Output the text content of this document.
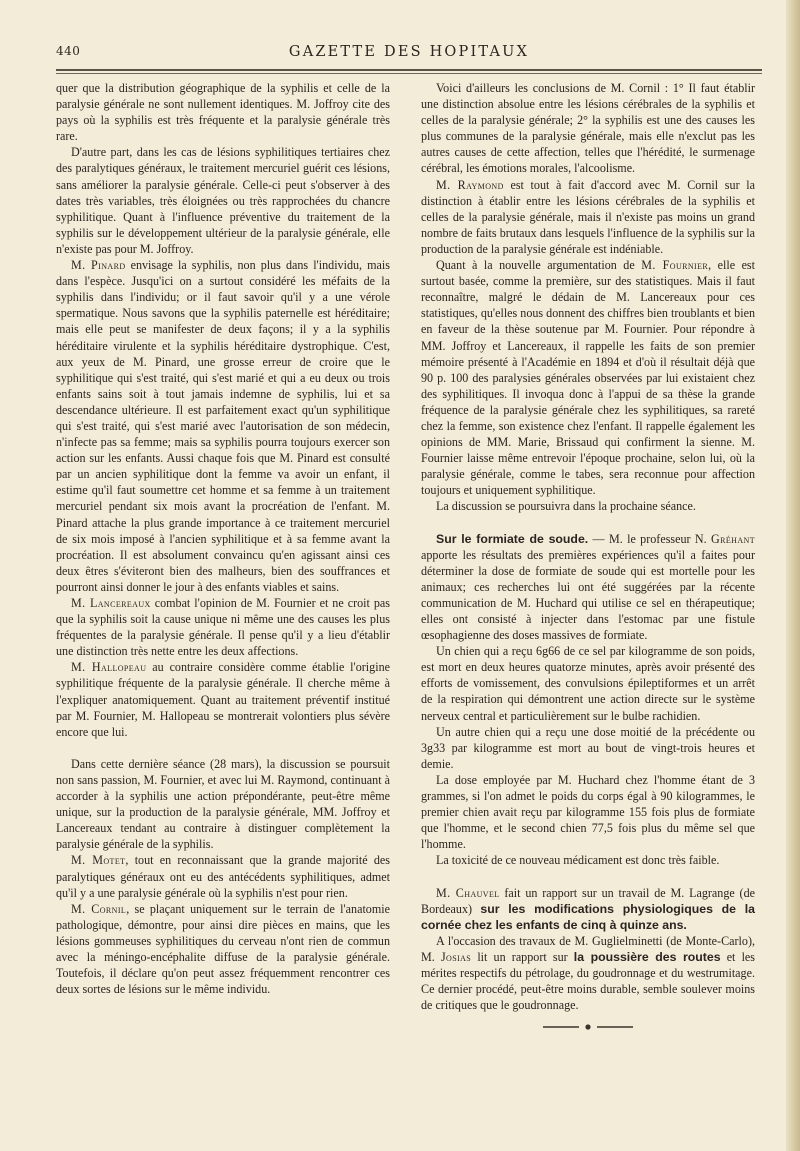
440	GAZETTE DES HOPITAUX

quer que la distribution géographique de la syphilis et celle de la paralysie générale ne sont nullement identiques. M. Joffroy cite des pays où la syphilis est très fréquente et la paralysie générale très rare.

D'autre part, dans les cas de lésions syphilitiques tertiaires chez des paralytiques généraux, le traitement mercuriel guérit ces lésions, sans améliorer la paralysie générale. Celle-ci peut s'observer à des dates très variables, très éloignées ou très rapprochées du chancre syphilitique. Quant à l'influence préventive du traitement de la syphilis sur le développement ultérieur de la paralysie générale, elle n'existe pas pour M. Joffroy.

M. Pinard envisage la syphilis, non plus dans l'individu, mais dans l'espèce. Jusqu'ici on a surtout considéré les méfaits de la syphilis dans l'individu; or il faut savoir qu'il y a une vérole spermatique. Nous savons que la syphilis paternelle est héréditaire; mais elle peut se manifester de deux façons; il y a la syphilis héréditaire virulente et la syphilis héréditaire dystrophique. C'est, aux yeux de M. Pinard, une grosse erreur de croire que le syphilitique qui s'est traité, qui s'est marié et qui a eu deux ou trois enfants sains soit à tout jamais indemne de syphilis, lui et sa descendance ultérieure. Il est parfaitement exact qu'un syphilitique qui s'est traité, qui s'est marié avec l'autorisation de son médecin, n'infecte pas sa femme; mais sa syphilis pourra toujours exercer son action sur les enfants. Aussi chaque fois que M. Pinard est consulté par un ancien syphilitique dont la femme va avoir un enfant, il estime qu'il faut soumettre cet homme et sa femme à un traitement mercuriel pendant six mois avant la procréation de l'enfant. M. Pinard attache la plus grande importance à ce traitement mercuriel de six mois imposé à l'ancien syphilitique et à sa femme avant la procréation. Il est absolument convaincu qu'en agissant ainsi ces deux êtres s'éviteront bien des malheurs, bien des souffrances et pourront ainsi donner le jour à des enfants viables et sains.

M. Lancereaux combat l'opinion de M. Fournier et ne croit pas que la syphilis soit la cause unique ni même une des causes les plus fréquentes de la paralysie générale. Il pense qu'il y a lieu d'établir une distinction très nette entre les deux affections.

M. Hallopeau au contraire considère comme établie l'origine syphilitique fréquente de la paralysie générale. Il cherche même à l'expliquer anatomiquement. Quant au traitement préventif institué par M. Fournier, M. Hallopeau se montrerait volontiers plus sévère encore que lui.

Dans cette dernière séance (28 mars), la discussion se poursuit non sans passion, M. Fournier, et avec lui M. Raymond, continuant à accorder à la syphilis une action prépondérante, peut-être même unique, sur la production de la paralysie générale, MM. Joffroy et Lancereaux tendant au contraire à distinguer complètement la paralysie générale de la syphilis.

M. Motet, tout en reconnaissant que la grande majorité des paralytiques généraux ont eu des antécédents syphilitiques, admet qu'il y a une paralysie générale où la syphilis n'est pour rien.

M. Cornil, se plaçant uniquement sur le terrain de l'anatomie pathologique, démontre, pour ainsi dire pièces en mains, que les lésions gommeuses syphilitiques du cerveau n'ont rien de commun avec la méningo-encéphalite diffuse de la paralysie générale. Toutefois, il déclare qu'on peut assez fréquemment rencontrer ces deux sortes de lésions sur le même individu.

Voici d'ailleurs les conclusions de M. Cornil : 1° Il faut établir une distinction absolue entre les lésions cérébrales de la syphilis et celles de la paralysie générale; 2° la syphilis est une des causes les plus communes de la paralysie générale, mais elle n'exclut pas les autres causes de cette affection, telles que l'hérédité, le surmenage cérébral, les émotions morales, l'alcoolisme.

M. Raymond est tout à fait d'accord avec M. Cornil sur la distinction à établir entre les lésions cérébrales de la syphilis et celles de la paralysie générale, mais il n'existe pas moins un grand nombre de faits brutaux dans lesquels l'influence de la syphilis sur la production de la paralysie générale est indéniable.

Quant à la nouvelle argumentation de M. Fournier, elle est surtout basée, comme la première, sur des statistiques. Mais il faut reconnaître, malgré le dédain de M. Lancereaux pour ces statistiques, qu'elles nous donnent des chiffres bien troublants et bien en faveur de la thèse soutenue par M. Fournier. Pour répondre à MM. Joffroy et Lancereaux, il rappelle les faits de son premier mémoire présenté à l'Académie en 1894 et d'où il résultait déjà que 90 p. 100 des paralysies générales observées par lui existaient chez des syphilitiques. Il invoqua donc à l'appui de sa thèse la grande fréquence de la paralysie générale chez les syphilitiques, sa rareté chez la femme, son existence chez l'enfant. Il rappelle également les opinions de MM. Marie, Brissaud qui confirment la sienne. M. Fournier laisse même entrevoir l'époque prochaine, selon lui, où la paralysie générale, comme le tabes, sera reconnue pour affection toujours et uniquement syphilitique.

La discussion se poursuivra dans la prochaine séance.

Sur le formiate de soude. — M. le professeur N. Gréhant apporte les résultats des premières expériences qu'il a faites pour déterminer la dose de formiate de soude qui est mortelle pour les animaux; ces recherches lui ont été suggérées par la récente communication de M. Huchard qui utilise ce sel en thérapeutique; elles ont consisté à injecter dans l'estomac par une fistule œsophagienne des doses massives de formiate.

Un chien qui a reçu 6g66 de ce sel par kilogramme de son poids, est mort en deux heures quatorze minutes, après avoir présenté des efforts de vomissement, des convulsions épileptiformes et un arrêt de la respiration qui démontrent une action directe sur le système nerveux central et particulièrement sur le bulbe rachidien.

Un autre chien qui a reçu une dose moitié de la précédente ou 3g33 par kilogramme est mort au bout de vingt-trois heures et demie.

La dose employée par M. Huchard chez l'homme étant de 3 grammes, si l'on admet le poids du corps égal à 90 kilogrammes, le premier chien avait reçu par kilogramme 155 fois plus de formiate que l'homme, et le second chien 77,5 fois plus du même sel que l'homme.

La toxicité de ce nouveau médicament est donc très faible.

M. Chauvel fait un rapport sur un travail de M. Lagrange (de Bordeaux) sur les modifications physiologiques de la cornée chez les enfants de cinq à quinze ans.

A l'occasion des travaux de M. Guglielminetti (de Monte-Carlo), M. Josias lit un rapport sur la poussière des routes et les mérites respectifs du pétrolage, du goudronnage et du westrumitage. Ce dernier procédé, peut-être moins durable, semble soulever moins de critiques que le goudronnage.
